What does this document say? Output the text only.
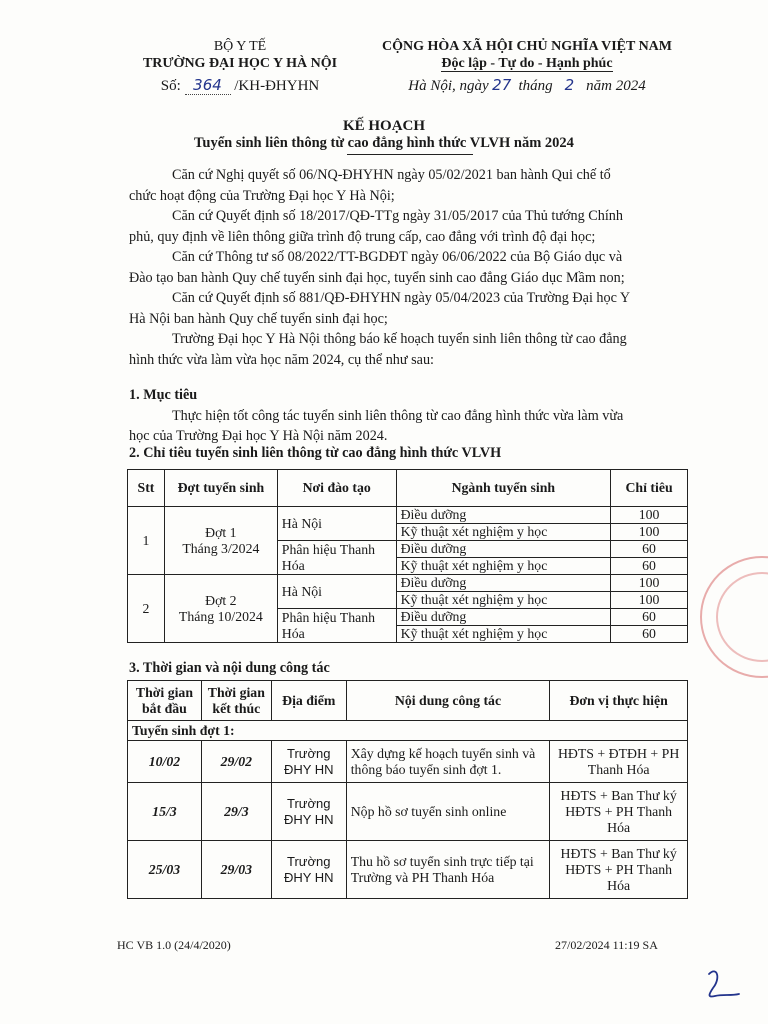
BỘ Y TẾ
TRƯỜNG ĐẠI HỌC Y HÀ NỘI
Số: 364 /KH-ĐHYHN
CỘNG HÒA XÃ HỘI CHỦ NGHĨA VIỆT NAM
Độc lập - Tự do - Hạnh phúc
Hà Nội, ngày 27 tháng 2 năm 2024
KẾ HOẠCH
Tuyển sinh liên thông từ cao đẳng hình thức VLVH năm 2024
Căn cứ Nghị quyết số 06/NQ-ĐHYHN ngày 05/02/2021 ban hành Qui chế tổ
chức hoạt động của Trường Đại học Y Hà Nội;
Căn cứ Quyết định số 18/2017/QĐ-TTg ngày 31/05/2017 của Thủ tướng Chính
phủ, quy định về liên thông giữa trình độ trung cấp, cao đẳng với trình độ đại học;
Căn cứ Thông tư số 08/2022/TT-BGDĐT ngày 06/06/2022 của Bộ Giáo dục và
Đào tạo ban hành Quy chế tuyển sinh đại học, tuyển sinh cao đẳng Giáo dục Mầm non;
Căn cứ Quyết định số 881/QĐ-ĐHYHN ngày 05/04/2023 của Trường Đại học Y
Hà Nội ban hành Quy chế tuyển sinh đại học;
Trường Đại học Y Hà Nội thông báo kế hoạch tuyển sinh liên thông từ cao đẳng
hình thức vừa làm vừa học năm 2024, cụ thể như sau:
1. Mục tiêu
Thực hiện tốt công tác tuyển sinh liên thông từ cao đẳng hình thức vừa làm vừa
học của Trường Đại học Y Hà Nội năm 2024.
2. Chỉ tiêu tuyển sinh liên thông từ cao đẳng hình thức VLVH
Stt	Đợt tuyển sinh	Nơi đào tạo	Ngành tuyển sinh	Chỉ tiêu
1	Đợt 1
Tháng 3/2024	Hà Nội	Điều dưỡng	100
			Kỹ thuật xét nghiệm y học	100
		Phân hiệu Thanh Hóa	Điều dưỡng	60
			Kỹ thuật xét nghiệm y học	60
2	Đợt 2
Tháng 10/2024	Hà Nội	Điều dưỡng	100
			Kỹ thuật xét nghiệm y học	100
		Phân hiệu Thanh Hóa	Điều dưỡng	60
			Kỹ thuật xét nghiệm y học	60
3. Thời gian và nội dung công tác
Thời gian bắt đầu	Thời gian kết thúc	Địa điểm	Nội dung công tác	Đơn vị thực hiện
Tuyển sinh đợt 1:				
10/02	29/02	Trường ĐHY HN	Xây dựng kế hoạch tuyển sinh và thông báo tuyển sinh đợt 1.	HĐTS + ĐTĐH + PH Thanh Hóa
15/3	29/3	Trường ĐHY HN	Nộp hồ sơ tuyển sinh online	HĐTS + Ban Thư ký HĐTS + PH Thanh Hóa
25/03	29/03	Trường ĐHY HN	Thu hồ sơ tuyển sinh trực tiếp tại Trường và PH Thanh Hóa	HĐTS + Ban Thư ký HĐTS + PH Thanh Hóa
HC VB 1.0 (24/4/2020)	27/02/2024 11:19 SA
